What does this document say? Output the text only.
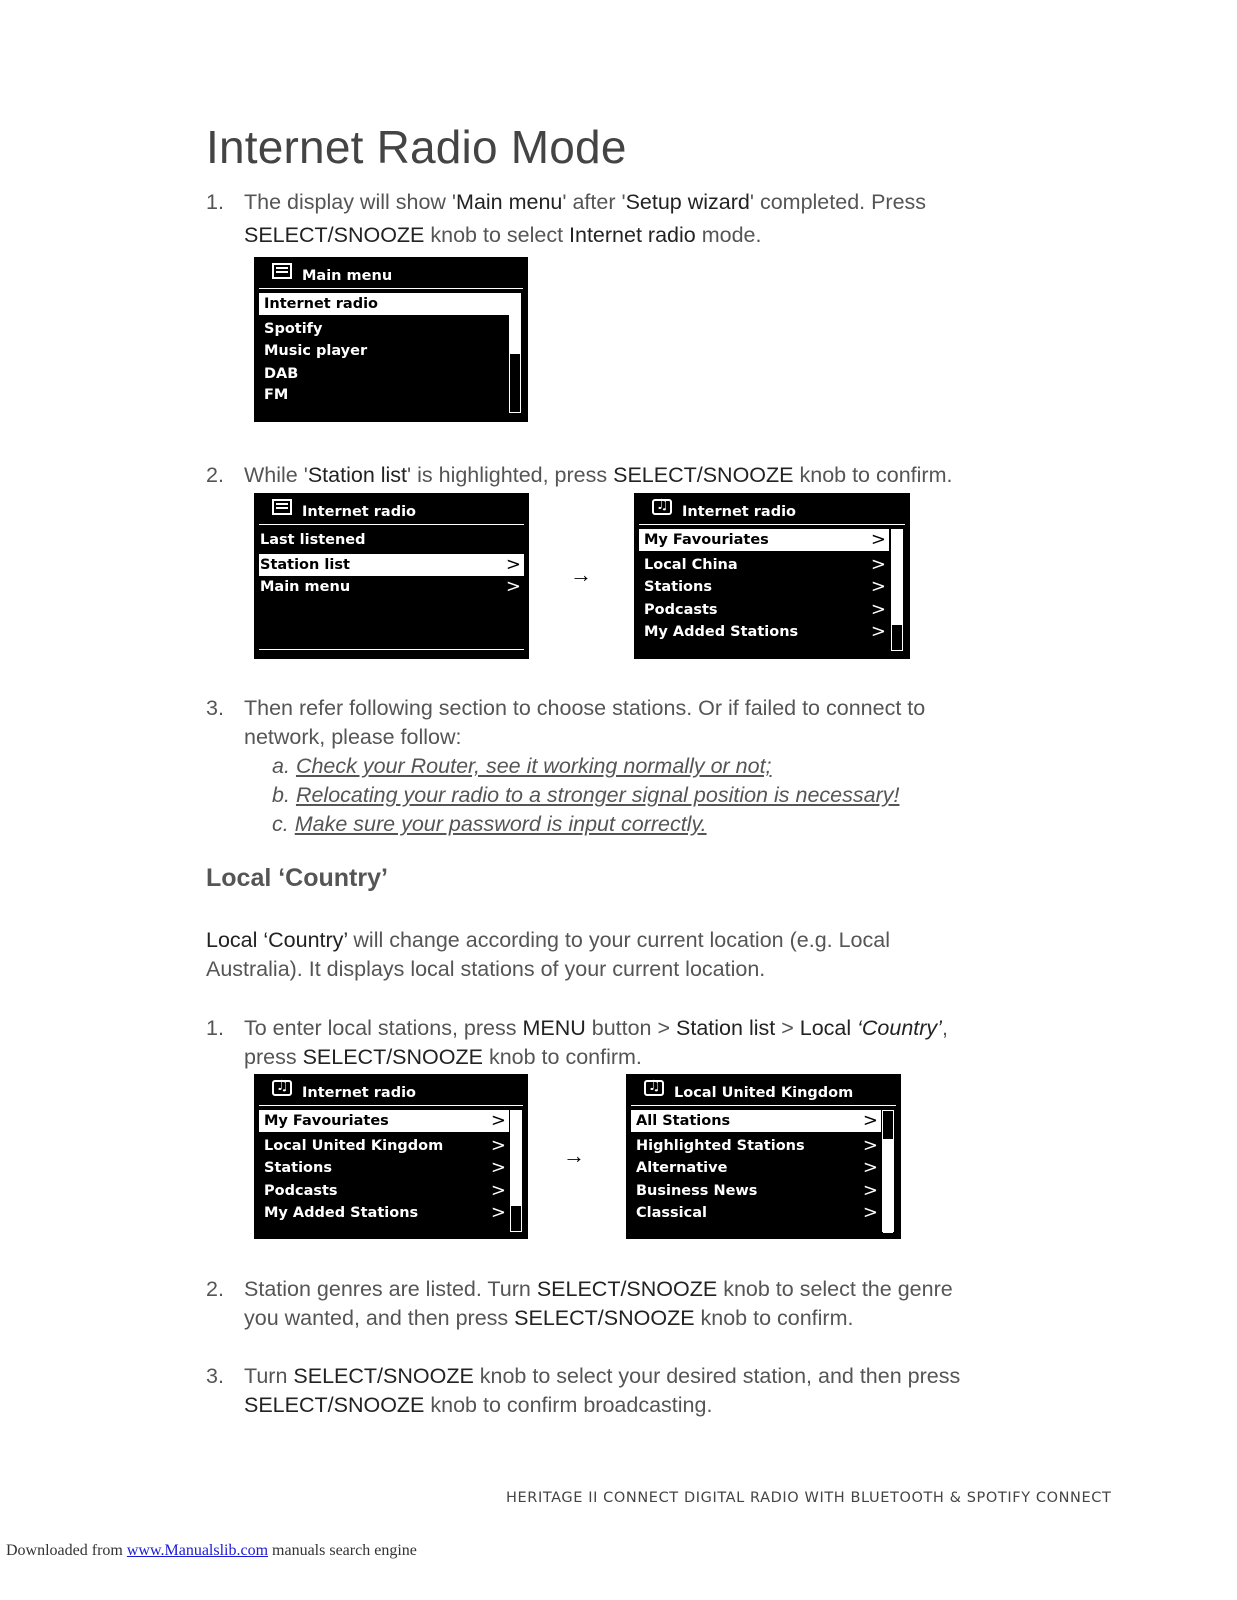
Internet Radio Mode
1. The display will show 'Main menu' after 'Setup wizard' completed. Press
SELECT/SNOOZE knob to select Internet radio mode.
Main menu
Internet radio
Spotify
Music player
DAB
FM
2. While 'Station list' is highlighted, press SELECT/SNOOZE knob to confirm.
Internet radio
Last listened
Station list	>
Main menu	> →
♫
Internet radio
My Favouriates	>
Local China	>
Stations	>
Podcasts	>
My Added Stations	>
3. Then refer following section to choose stations. Or if failed to connect to
network, please follow:
a. Check your Router, see it working normally or not;
b. Relocating your radio to a stronger signal position is necessary!
c. Make sure your password is input correctly.
Local ‘Country’
Local ‘Country’ will change according to your current location (e.g. Local
Australia). It displays local stations of your current location.
1. To enter local stations, press MENU button > Station list > Local ‘Country’,
press SELECT/SNOOZE knob to confirm.
♫
Internet radio
My Favouriates	>
Local United Kingdom	>
Stations	>
Podcasts	>
My Added Stations	>
→
♫
Local United Kingdom
All Stations	>
Highlighted Stations	>
Alternative	>
Business News	>
Classical	>
2. Station genres are listed. Turn SELECT/SNOOZE knob to select the genre
you wanted, and then press SELECT/SNOOZE knob to confirm.
3. Turn SELECT/SNOOZE knob to select your desired station, and then press
SELECT/SNOOZE knob to confirm broadcasting.
HERITAGE II CONNECT DIGITAL RADIO WITH BLUETOOTH & SPOTIFY CONNECT
Downloaded from www.Manualslib.com manuals search engine
